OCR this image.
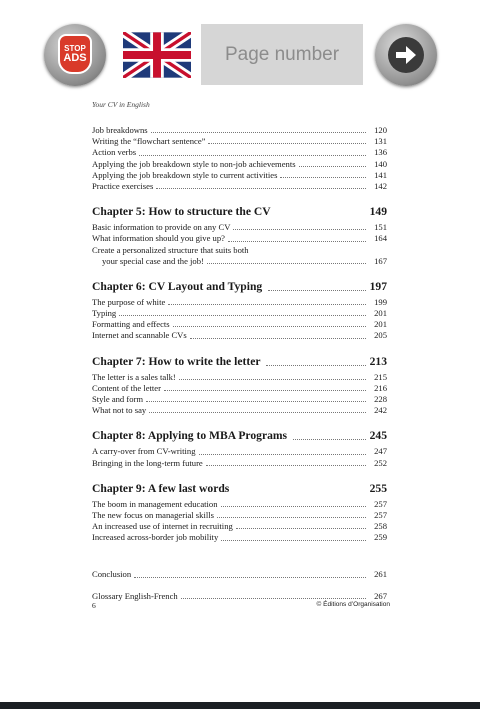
STOP
ADS	Page number
Your CV in English
Job breakdowns	120
Writing the “flowchart sentence”	131
Action verbs	136
Applying the job breakdown style to non-job achievements	140
Applying the job breakdown style to current activities	141
Practice exercises	142
Chapter 5: How to structure the CV	149
Basic information to provide on any CV	151
What information should you give up?	164
Create a personalized structure that suits both
your special case and the job!	167
Chapter 6: CV Layout and Typing	197
The purpose of white	199
Typing	201
Formatting and effects	201
Internet and scannable CVs	205
Chapter 7: How to write the letter	213
The letter is a sales talk!	215
Content of the letter	216
Style and form	228
What not to say	242
Chapter 8: Applying to MBA Programs	245
A carry-over from CV-writing	247
Bringing in the long-term future	252
Chapter 9: A few last words	255
The boom in management education	257
The new focus on managerial skills	257
An increased use of internet in recruiting	258
Increased across-border job mobility	259
Conclusion	261
Glossary English-French	267
6	© Éditions d’Organisation
